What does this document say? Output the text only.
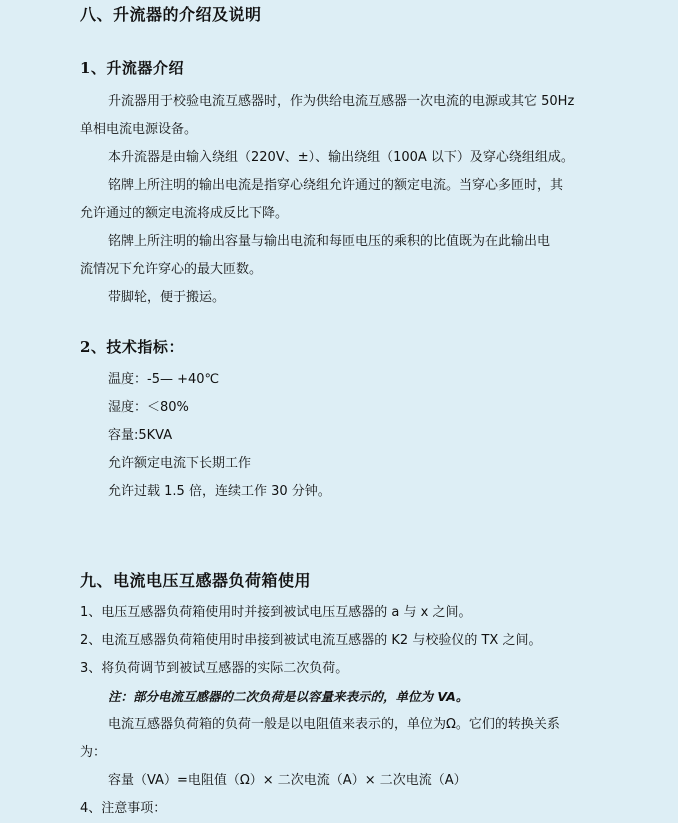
八、升流器的介绍及说明
1、升流器介绍
升流器用于校验电流互感器时，作为供给电流互感器一次电流的电源或其它 50Hz
单相电流电源设备。
本升流器是由输入绕组（220V、±）、输出绕组（100A 以下）及穿心绕组组成。
铭牌上所注明的输出电流是指穿心绕组允许通过的额定电流。当穿心多匝时，其
允许通过的额定电流将成反比下降。
铭牌上所注明的输出容量与输出电流和每匝电压的乘积的比值既为在此输出电
流情况下允许穿心的最大匝数。
带脚轮，便于搬运。
2、技术指标：
温度：-5— +40℃
湿度：＜80%
容量:5KVA
允许额定电流下长期工作
允许过载 1.5 倍，连续工作 30 分钟。
九、电流电压互感器负荷箱使用
1、电压互感器负荷箱使用时并接到被试电压互感器的 a 与 x 之间。
2、电流互感器负荷箱使用时串接到被试电流互感器的 K2 与校验仪的 TX 之间。
3、将负荷调节到被试互感器的实际二次负荷。
注：部分电流互感器的二次负荷是以容量来表示的，单位为 VA。
电流互感器负荷箱的负荷一般是以电阻值来表示的，单位为Ω。它们的转换关系
为：
容量（VA）=电阻值（Ω）× 二次电流（A）× 二次电流（A）
4、注意事项：
